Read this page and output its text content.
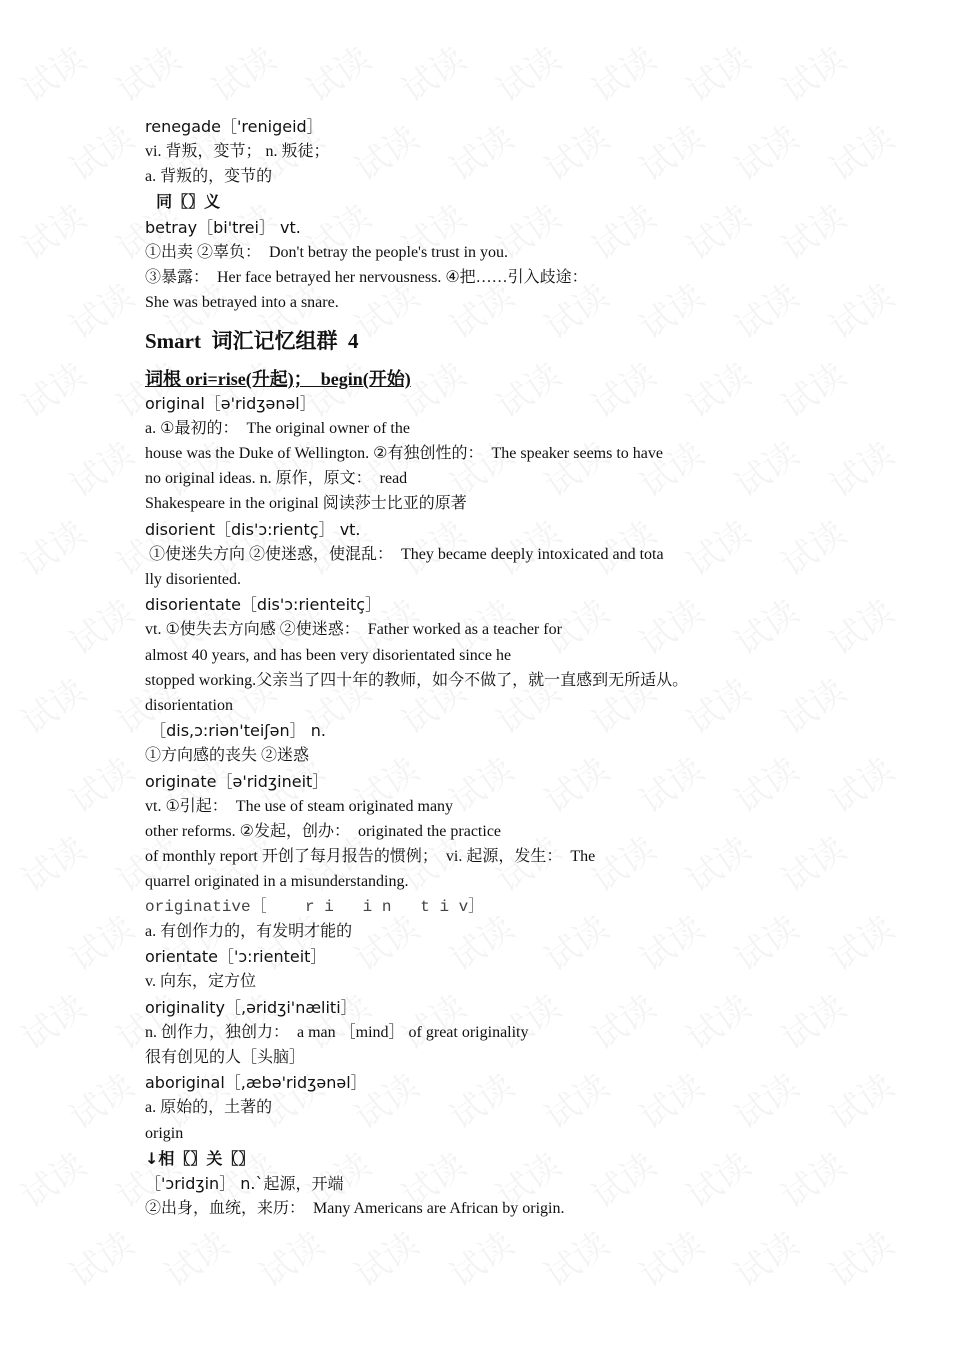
renegade［'renigeid］
vi. 背叛，变节； n. 叛徒；
a. 背叛的，变节的
同〖〗义
betray［bi'trei］ vt.
①出卖 ②辜负：  Don't betray the people's trust in you.
③暴露：  Her face betrayed her nervousness. ④把……引入歧途：
She was betrayed into a snare.
Smart  词汇记忆组群  4
词根 ori=rise(升起)；  begin(开始)
original［ə'ridʒənəl］
a. ①最初的：  The original owner of the
house was the Duke of Wellington. ②有独创性的：  The speaker seems to have
no original ideas. n. 原作，原文：  read
Shakespeare in the original 阅读莎士比亚的原著
disorient［dis'ɔ:rientç］ vt.
①使迷失方向 ②使迷惑，使混乱：  They became deeply intoxicated and tota
lly disoriented.
disorientate［dis'ɔ:rienteitç］
vt. ①使失去方向感 ②使迷惑：  Father worked as a teacher for
almost 40 years, and has been very disorientated since he
stopped working.父亲当了四十年的教师，如今不做了，就一直感到无所适从。
disorientation
［dis,ɔ:riən'teiʃən］ n.
①方向感的丧失 ②迷惑
originate［ə'ridʒineit］
vt. ①引起：  The use of steam originated many
other reforms. ②发起，创办：  originated the practice
of monthly report 开创了每月报告的惯例；  vi. 起源，发生：  The
quarrel originated in a misunderstanding.
originative［    r i   i n   t i v］
a. 有创作力的，有发明才能的
orientate［'ɔ:rienteit］
v. 向东，定方位
originality［,əridʒi'næliti］
n. 创作力，独创力：  a man ［mind］ of great originality
很有创见的人［头脑］
aboriginal［,æbə'ridʒənəl］
a. 原始的，土著的
origin
↓相〖〗关〖〗
［'ɔridʒin］ n.`起源，开端
②出身，血统，来历：  Many Americans are African by origin.
